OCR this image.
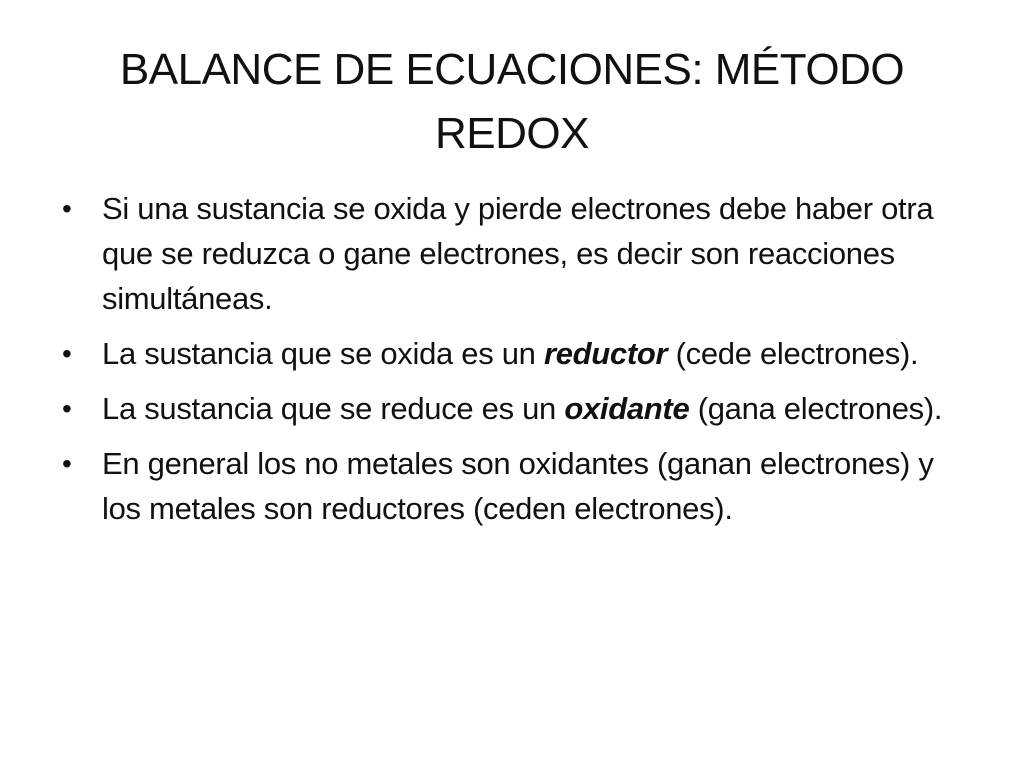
BALANCE DE ECUACIONES: MÉTODO REDOX
• Si una sustancia se oxida y pierde electrones debe haber otra que se reduzca o gane electrones, es decir son reacciones simultáneas.
• La sustancia que se oxida es un reductor (cede electrones).
• La sustancia que se reduce es un oxidante (gana electrones).
• En general los no metales son oxidantes (ganan electrones) y los metales son reductores (ceden electrones).
